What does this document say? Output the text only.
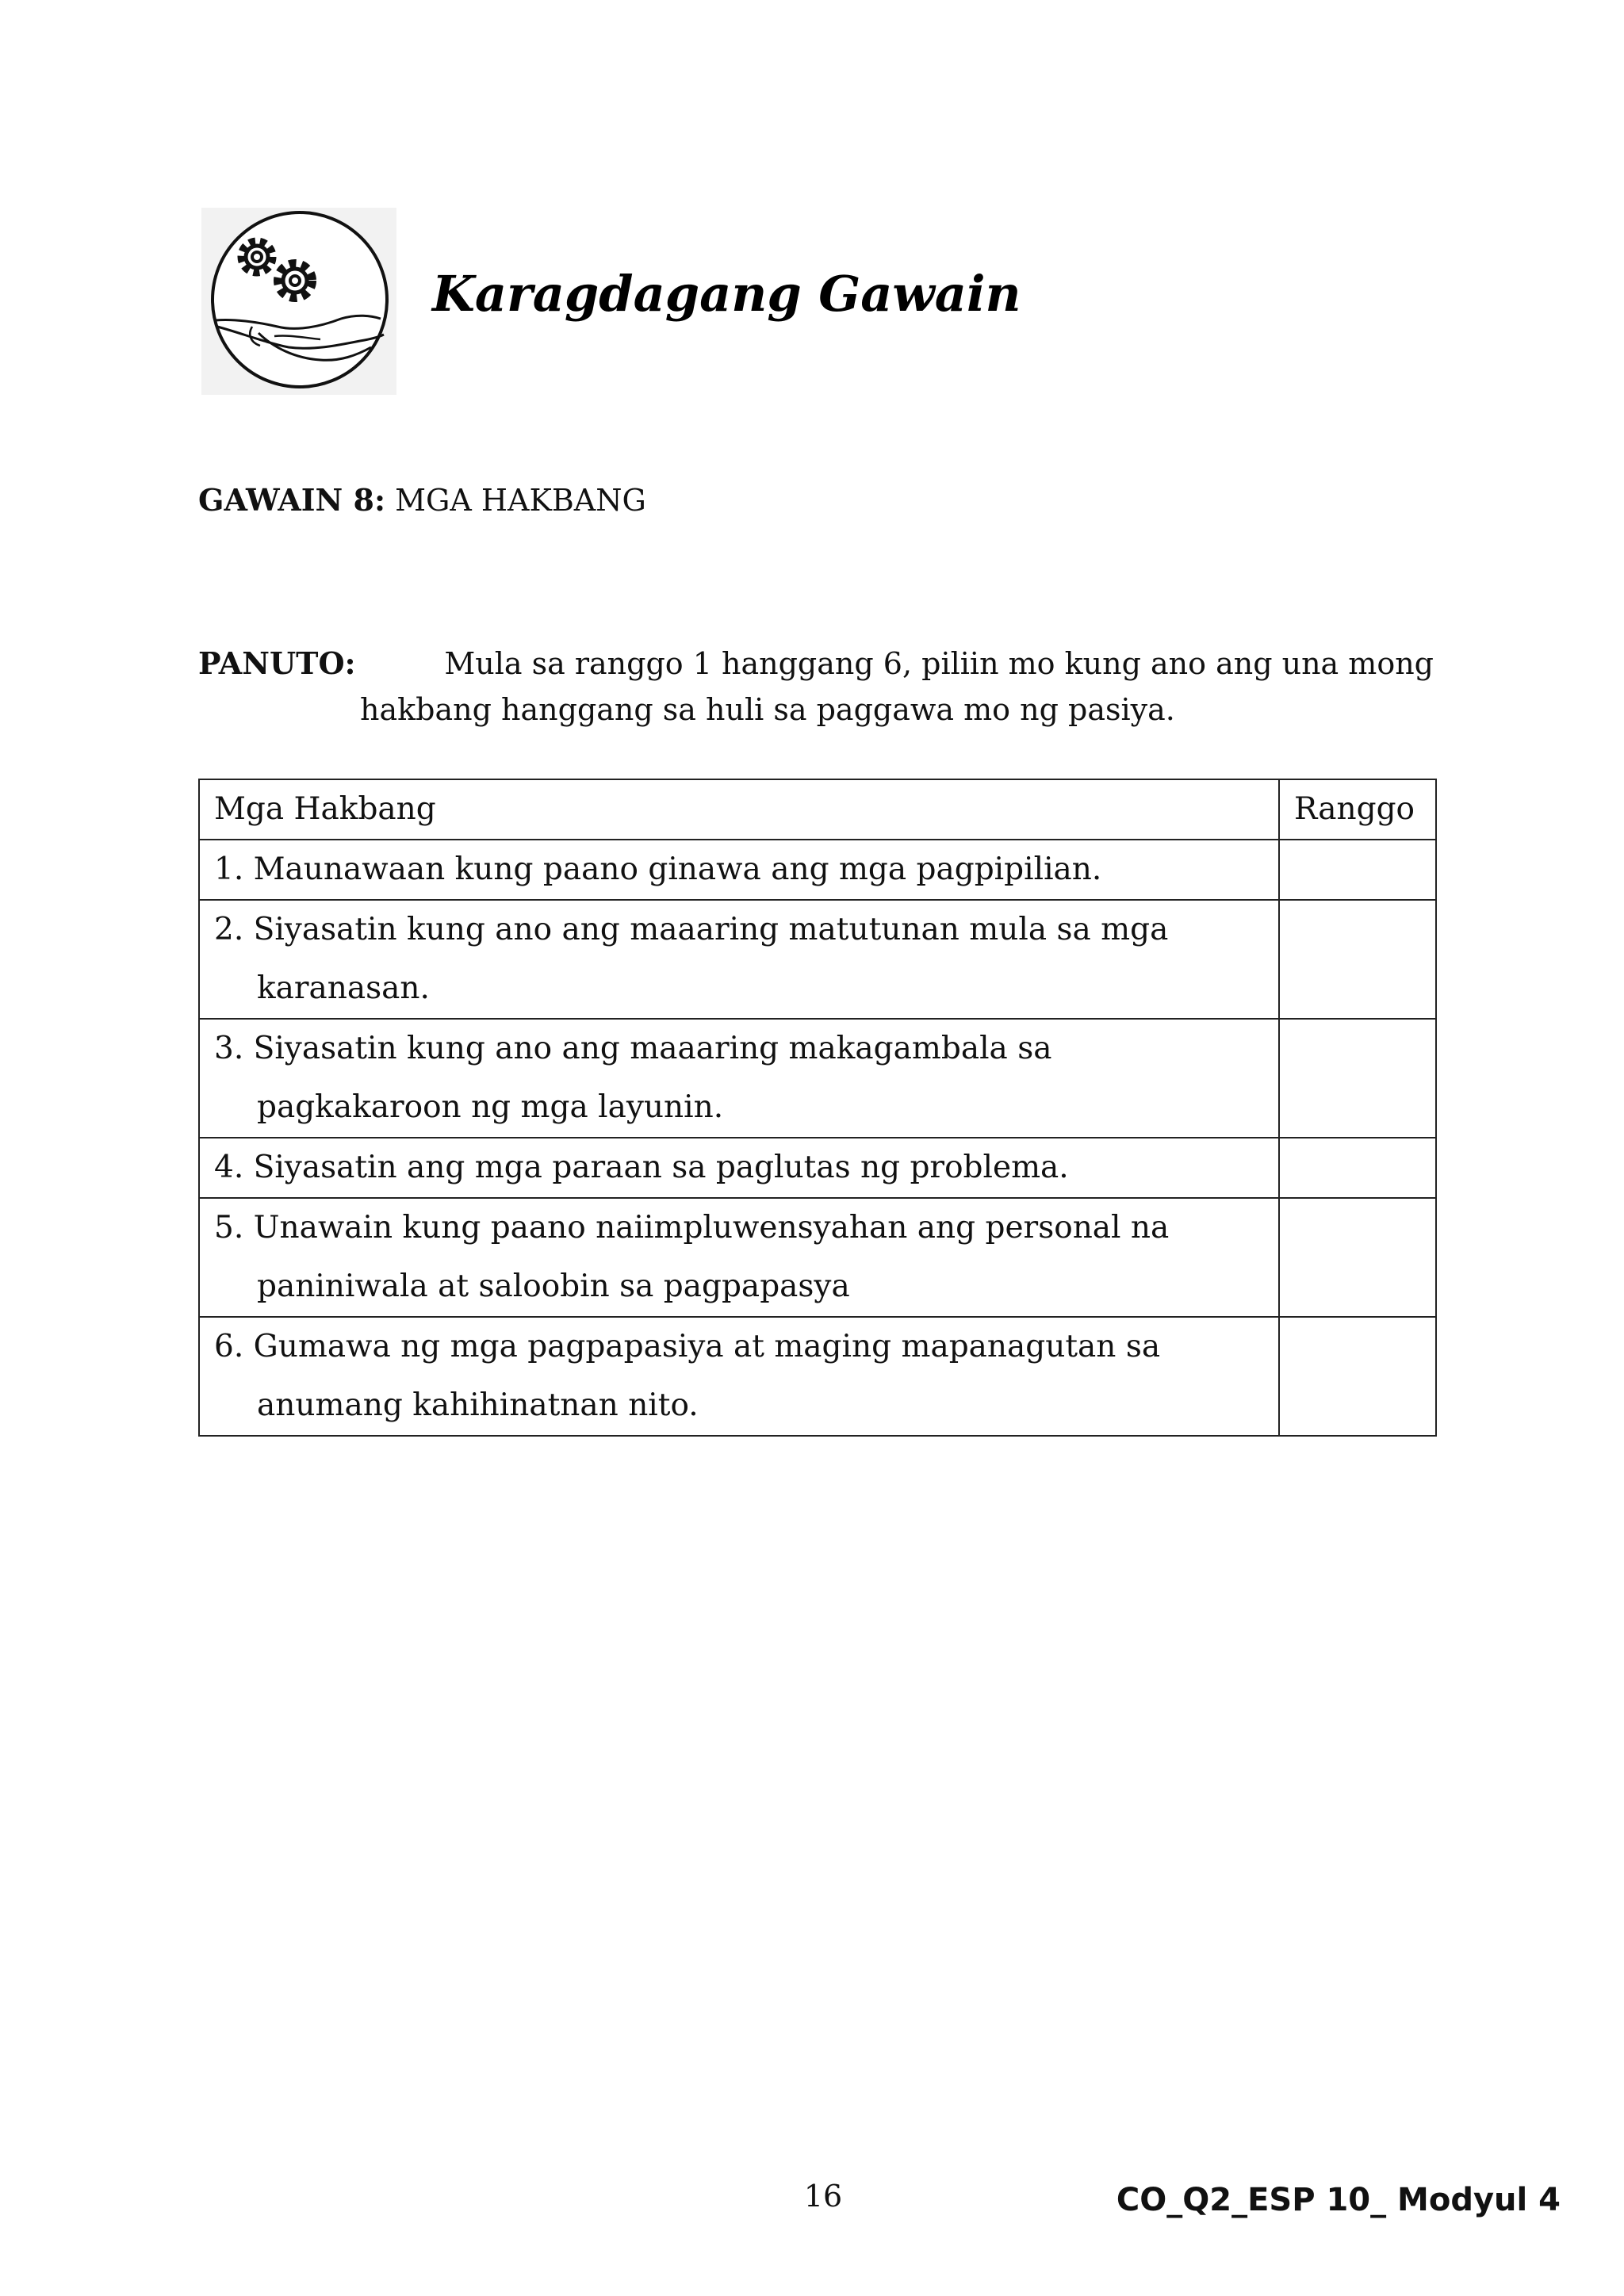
Karagdagang Gawain
GAWAIN 8: MGA HAKBANG
PANUTO:	Mula sa ranggo 1 hanggang 6, piliin mo kung ano ang una mong
hakbang hanggang sa huli sa paggawa mo ng pasiya.
Mga Hakbang	Ranggo

1. Maunawaan kung paano ginawa ang mga pagpipilian.	

2. Siyasatin kung ano ang maaaring matutunan mula sa mga
karanasan.	

3. Siyasatin kung ano ang maaaring makagambala sa
pagkakaroon ng mga layunin.	

4. Siyasatin ang mga paraan sa paglutas ng problema.	

5. Unawain kung paano naiimpluwensyahan ang personal na
paniniwala at saloobin sa pagpapasya	

6. Gumawa ng mga pagpapasiya at maging mapanagutan sa
anumang kahihinatnan nito.	

16	CO_Q2_ESP 10_ Modyul 4
